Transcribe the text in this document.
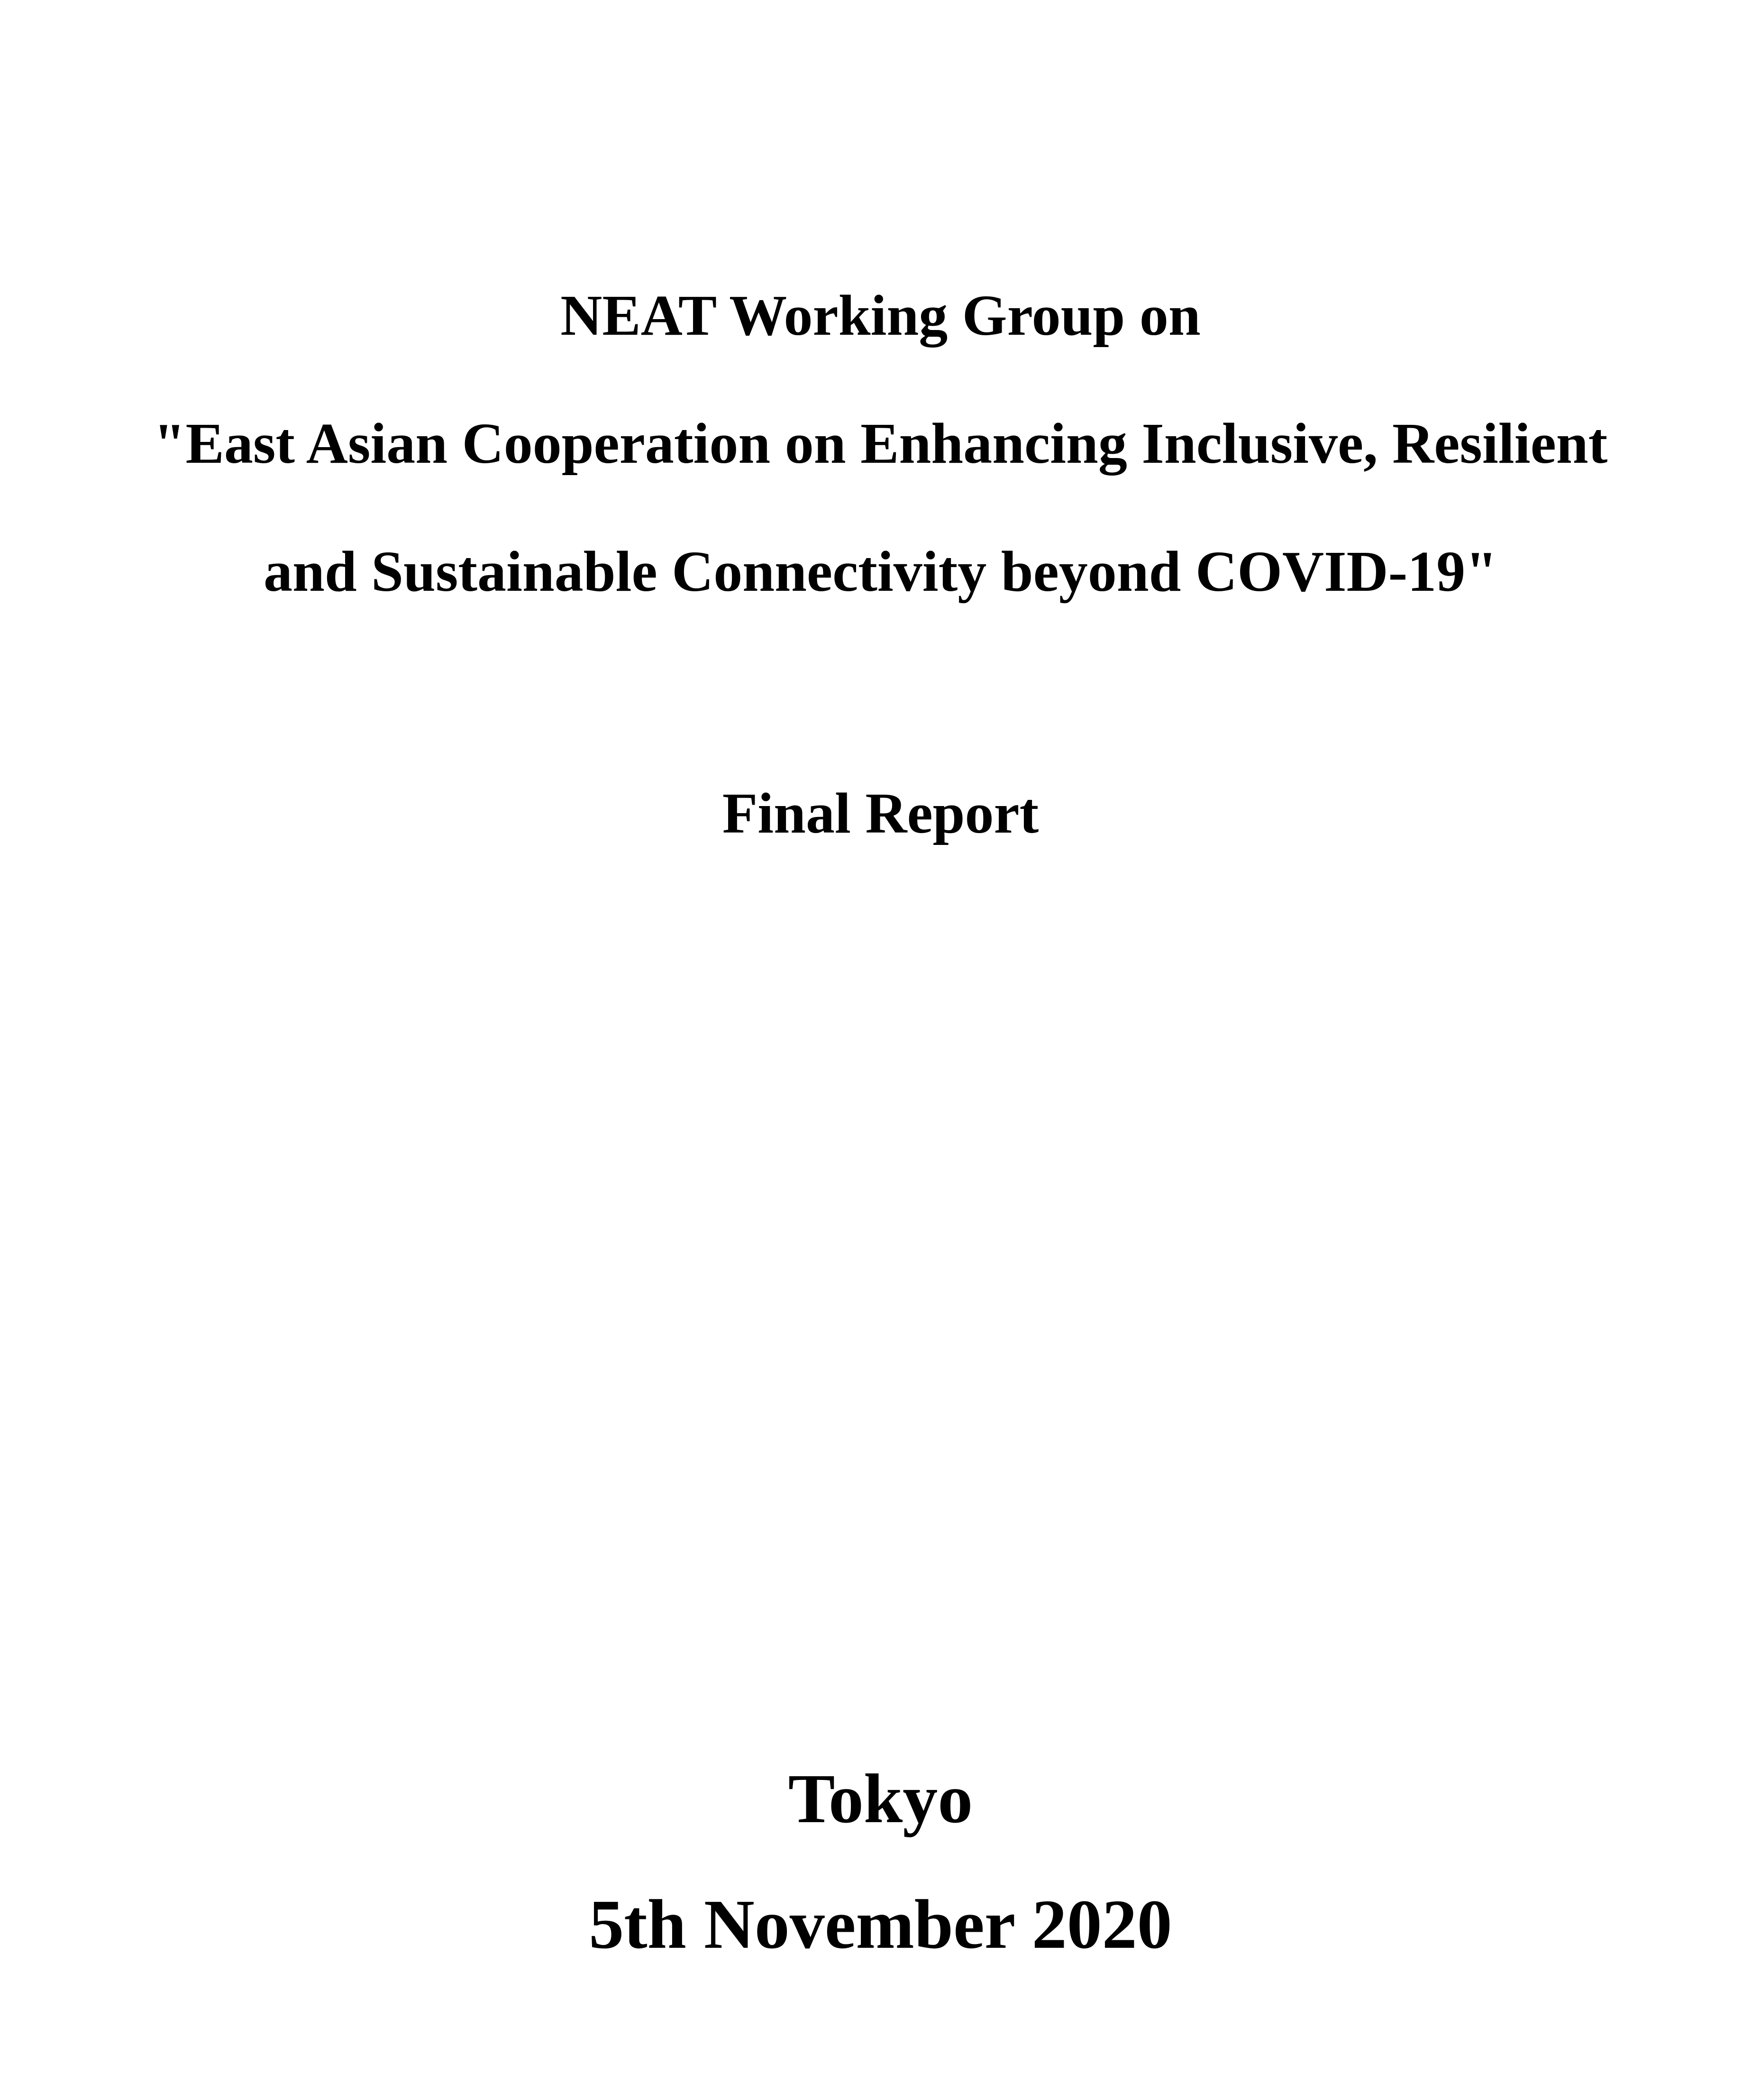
NEAT Working Group on
"East Asian Cooperation on Enhancing Inclusive, Resilient
and Sustainable Connectivity beyond COVID-19"
Final Report
Tokyo
5th November 2020
